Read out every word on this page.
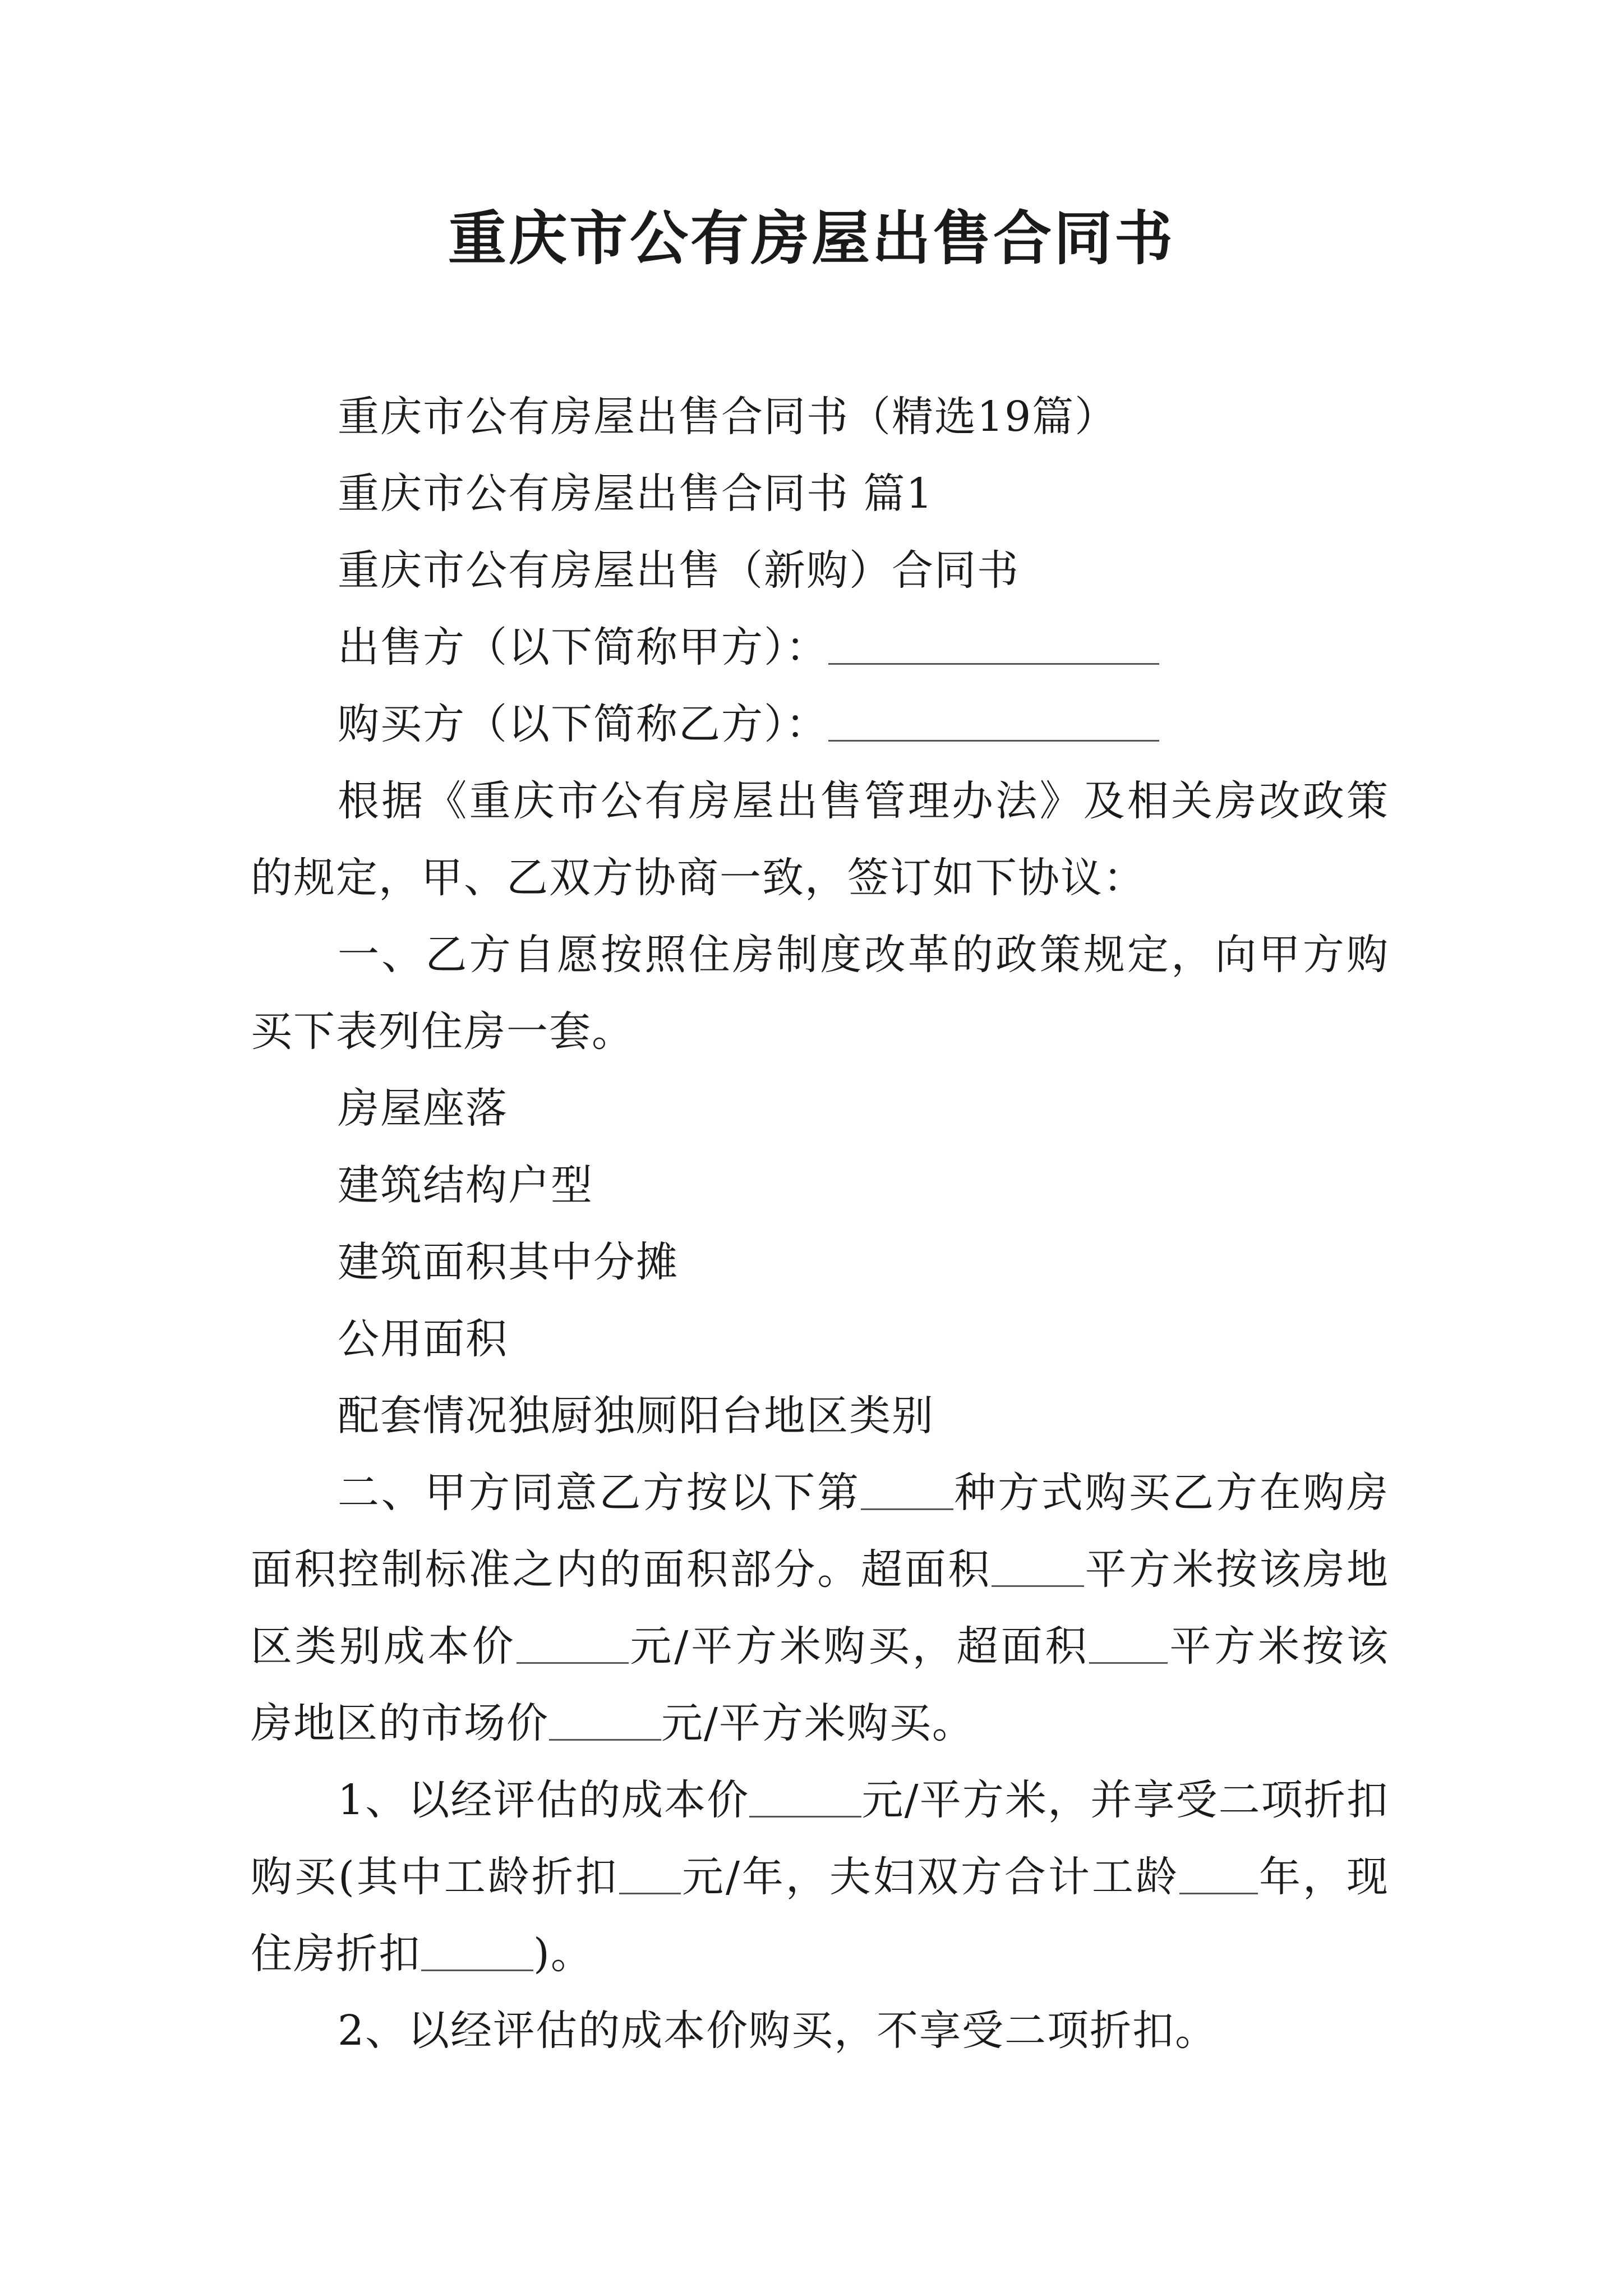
重庆市公有房屋出售合同书

重庆市公有房屋出售合同书（精选19篇）

重庆市公有房屋出售合同书 篇1

重庆市公有房屋出售（新购）合同书

出售方（以下简称甲方）：

购买方（以下简称乙方）：

根据《重庆市公有房屋出售管理办法》及相关房改政策的规定，甲、乙双方协商一致，签订如下协议：

一、乙方自愿按照住房制度改革的政策规定，向甲方购买下表列住房一套。

房屋座落

建筑结构户型

建筑面积其中分摊

公用面积

配套情况独厨独厕阳台地区类别

二、甲方同意乙方按以下第 种方式购买乙方在购房面积控制标准之内的面积部分。超面积 平方米按该房地区类别成本价	元/平方米购买，超面积 平方米按该房地区的市场价	元/平方米购买。

1、以经评估的成本价	元/平方米，并享受二项折扣购买(其中工龄折扣 元/年，夫妇双方合计工龄 年，现住房折扣	)。

2、以经评估的成本价购买，不享受二项折扣。
